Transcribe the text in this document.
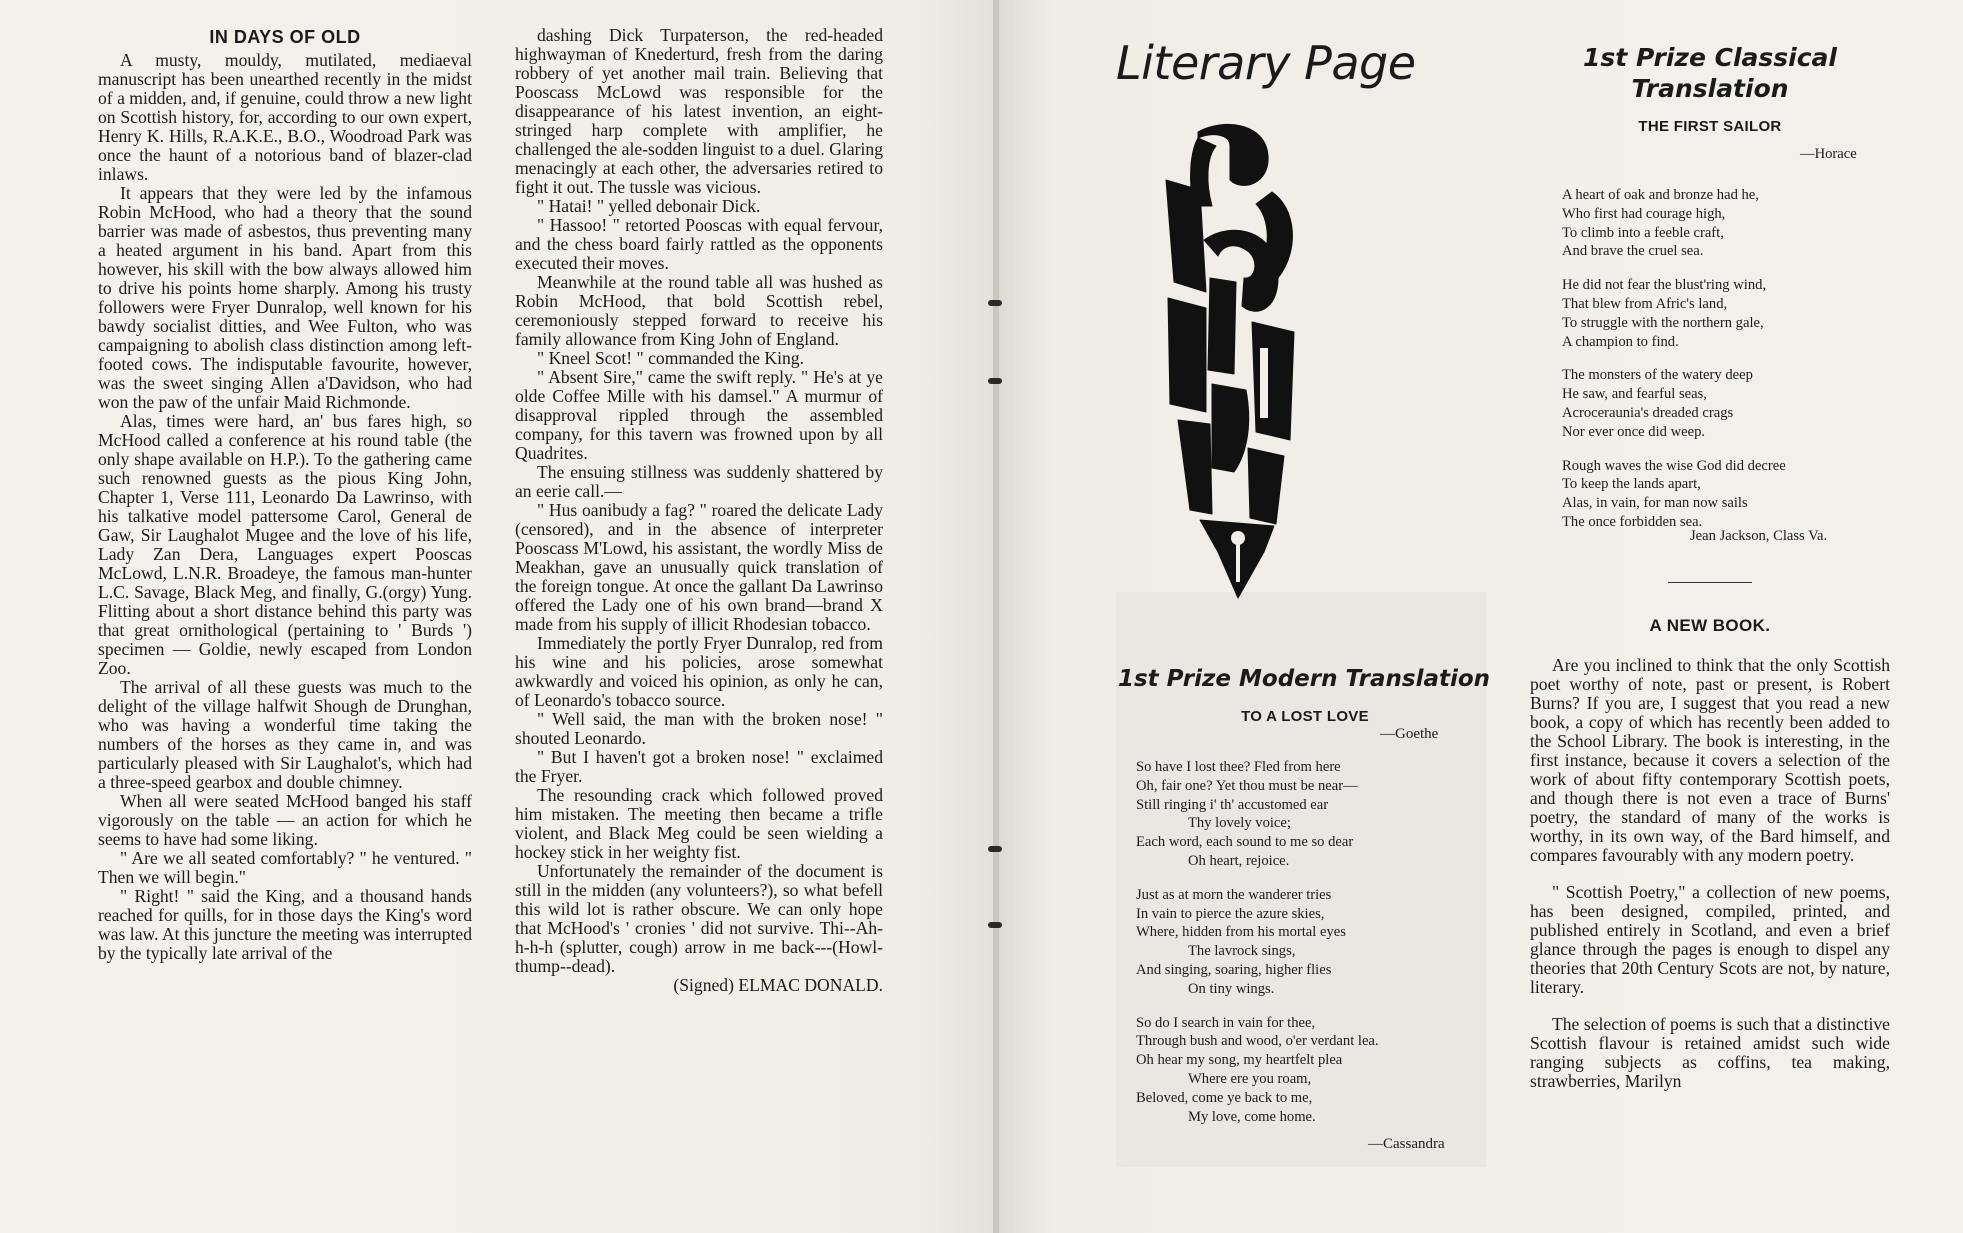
IN DAYS OF OLD

A musty, mouldy, mutilated, mediaeval manuscript has been unearthed recently in the midst of a midden, and, if genuine, could throw a new light on Scottish history, for, according to our own expert, Henry K. Hills, R.A.K.E., B.O., Woodroad Park was once the haunt of a notorious band of blazer-clad inlaws.

It appears that they were led by the infamous Robin McHood, who had a theory that the sound barrier was made of asbestos, thus preventing many a heated argument in his band. Apart from this however, his skill with the bow always allowed him to drive his points home sharply. Among his trusty followers were Fryer Dunralop, well known for his bawdy socialist ditties, and Wee Fulton, who was campaigning to abolish class distinction among left-footed cows. The indisputable favourite, however, was the sweet singing Allen a'Davidson, who had won the paw of the unfair Maid Richmonde.

Alas, times were hard, an' bus fares high, so McHood called a conference at his round table (the only shape available on H.P.). To the gathering came such renowned guests as the pious King John, Chapter 1, Verse 111, Leonardo Da Lawrinso, with his talkative model pattersome Carol, General de Gaw, Sir Laughalot Mugee and the love of his life, Lady Zan Dera, Languages expert Pooscas McLowd, L.N.R. Broadeye, the famous man-hunter L.C. Savage, Black Meg, and finally, G.(orgy) Yung. Flitting about a short distance behind this party was that great ornithological (pertaining to ' Burds ') specimen — Goldie, newly escaped from London Zoo.

The arrival of all these guests was much to the delight of the village halfwit Shough de Drunghan, who was having a wonderful time taking the numbers of the horses as they came in, and was particularly pleased with Sir Laughalot's, which had a three-speed gearbox and double chimney.

When all were seated McHood banged his staff vigorously on the table — an action for which he seems to have had some liking.

" Are we all seated comfortably? " he ventured. " Then we will begin."

" Right! " said the King, and a thousand hands reached for quills, for in those days the King's word was law. At this juncture the meeting was interrupted by the typically late arrival of the

dashing Dick Turpaterson, the red-headed highwayman of Knederturd, fresh from the daring robbery of yet another mail train. Believing that Pooscass McLowd was responsible for the disappearance of his latest invention, an eight-stringed harp complete with amplifier, he challenged the ale-sodden linguist to a duel. Glaring menacingly at each other, the adversaries retired to fight it out. The tussle was vicious.

" Hatai! " yelled debonair Dick.

" Hassoo! " retorted Pooscas with equal fervour, and the chess board fairly rattled as the opponents executed their moves.

Meanwhile at the round table all was hushed as Robin McHood, that bold Scottish rebel, ceremoniously stepped forward to receive his family allowance from King John of England.

" Kneel Scot! " commanded the King.

" Absent Sire," came the swift reply. " He's at ye olde Coffee Mille with his damsel." A murmur of disapproval rippled through the assembled company, for this tavern was frowned upon by all Quadrites.

The ensuing stillness was suddenly shattered by an eerie call.—

" Hus oanibudy a fag? " roared the delicate Lady (censored), and in the absence of interpreter Pooscass M'Lowd, his assistant, the wordly Miss de Meakhan, gave an unusually quick translation of the foreign tongue. At once the gallant Da Lawrinso offered the Lady one of his own brand—brand X made from his supply of illicit Rhodesian tobacco.

Immediately the portly Fryer Dunralop, red from his wine and his policies, arose somewhat awkwardly and voiced his opinion, as only he can, of Leonardo's tobacco source.

" Well said, the man with the broken nose! " shouted Leonardo.

" But I haven't got a broken nose! " exclaimed the Fryer.

The resounding crack which followed proved him mistaken. The meeting then became a trifle violent, and Black Meg could be seen wielding a hockey stick in her weighty fist.

Unfortunately the remainder of the document is still in the midden (any volunteers?), so what befell this wild lot is rather obscure. We can only hope that McHood's ' cronies ' did not survive. Thi--Ah-h-h-h (splutter, cough) arrow in me back---(Howl-thump--dead).

(Signed) ELMAC DONALD.

Literary Page
1st Prize Modern Translation
TO A LOST LOVE
—Goethe
So have I lost thee? Fled from here
Oh, fair one? Yet thou must be near—
Still ringing i' th' accustomed ear
Thy lovely voice;
Each word, each sound to me so dear
Oh heart, rejoice.
Just as at morn the wanderer tries
In vain to pierce the azure skies,
Where, hidden from his mortal eyes
The lavrock sings,
And singing, soaring, higher flies
On tiny wings.
So do I search in vain for thee,
Through bush and wood, o'er verdant lea.
Oh hear my song, my heartfelt plea
Where ere you roam,
Beloved, come ye back to me,
My love, come home.
—Cassandra
1st Prize Classical
Translation
THE FIRST SAILOR
—Horace
A heart of oak and bronze had he,
Who first had courage high,
To climb into a feeble craft,
And brave the cruel sea.
He did not fear the blust'ring wind,
That blew from Afric's land,
To struggle with the northern gale,
A champion to find.
The monsters of the watery deep
He saw, and fearful seas,
Acroceraunia's dreaded crags
Nor ever once did weep.
Rough waves the wise God did decree
To keep the lands apart,
Alas, in vain, for man now sails
The once forbidden sea.
Jean Jackson, Class Va.
A NEW BOOK.

Are you inclined to think that the only Scottish poet worthy of note, past or present, is Robert Burns? If you are, I suggest that you read a new book, a copy of which has recently been added to the School Library. The book is interesting, in the first instance, because it covers a selection of the work of about fifty contemporary Scottish poets, and though there is not even a trace of Burns' poetry, the standard of many of the works is worthy, in its own way, of the Bard himself, and compares favourably with any modern poetry.

" Scottish Poetry," a collection of new poems, has been designed, compiled, printed, and published entirely in Scotland, and even a brief glance through the pages is enough to dispel any theories that 20th Century Scots are not, by nature, literary.

The selection of poems is such that a distinctive Scottish flavour is retained amidst such wide ranging subjects as coffins, tea making, strawberries, Marilyn
